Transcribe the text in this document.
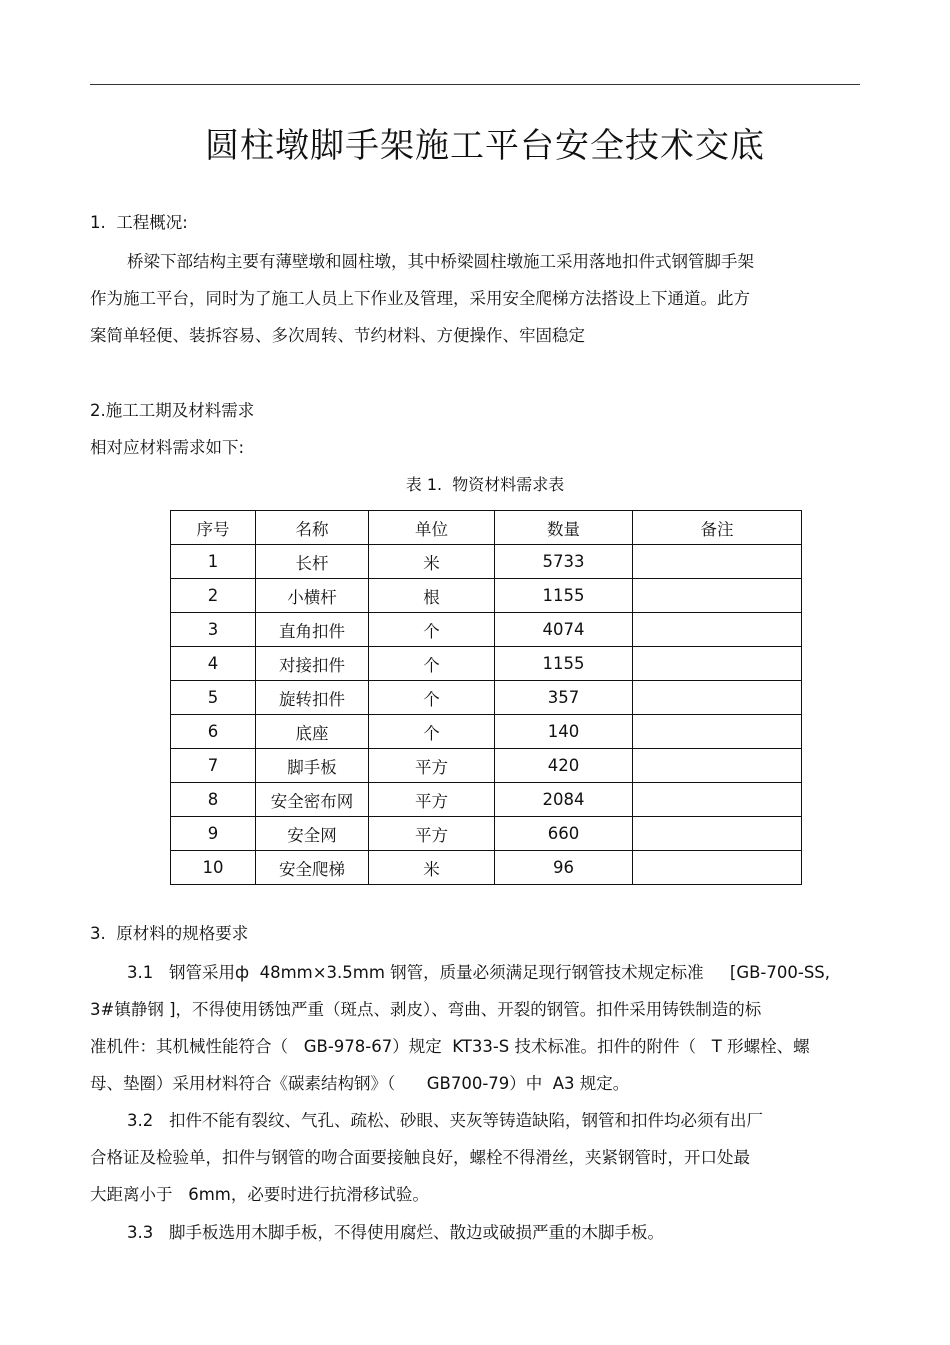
圆柱墩脚手架施工平台安全技术交底
1.  工程概况:
桥梁下部结构主要有薄壁墩和圆柱墩，其中桥梁圆柱墩施工采用落地扣件式钢管脚手架
作为施工平台，同时为了施工人员上下作业及管理，采用安全爬梯方法搭设上下通道。此方
案简单轻便、装拆容易、多次周转、节约材料、方便操作、牢固稳定
2.施工工期及材料需求
相对应材料需求如下:
表 1.  物资材料需求表
序号	名称	单位	数量	备注
1	长杆	米	5733	
2	小横杆	根	1155	
3	直角扣件	个	4074	
4	对接扣件	个	1155	
5	旋转扣件	个	357	
6	底座	个	140	
7	脚手板	平方	420	
8	安全密布网	平方	2084	
9	安全网	平方	660	
10	安全爬梯	米	96	
3.  原材料的规格要求
3.1   钢管采用ф  48mm×3.5mm 钢管，质量必须满足现行钢管技术规定标准     [GB-700-SS,
3#镇静钢 ]，不得使用锈蚀严重（斑点、剥皮）、弯曲、开裂的钢管。扣件采用铸铁制造的标
准机件：其机械性能符合（   GB-978-67）规定  KT33-S 技术标准。扣件的附件（   T 形螺栓、螺
母、垫圈）采用材料符合《碳素结构钢》（      GB700-79）中  A3 规定。
3.2   扣件不能有裂纹、气孔、疏松、砂眼、夹灰等铸造缺陷，钢管和扣件均必须有出厂
合格证及检验单，扣件与钢管的吻合面要接触良好，螺栓不得滑丝，夹紧钢管时，开口处最
大距离小于   6mm，必要时进行抗滑移试验。
3.3   脚手板选用木脚手板，不得使用腐烂、散边或破损严重的木脚手板。
